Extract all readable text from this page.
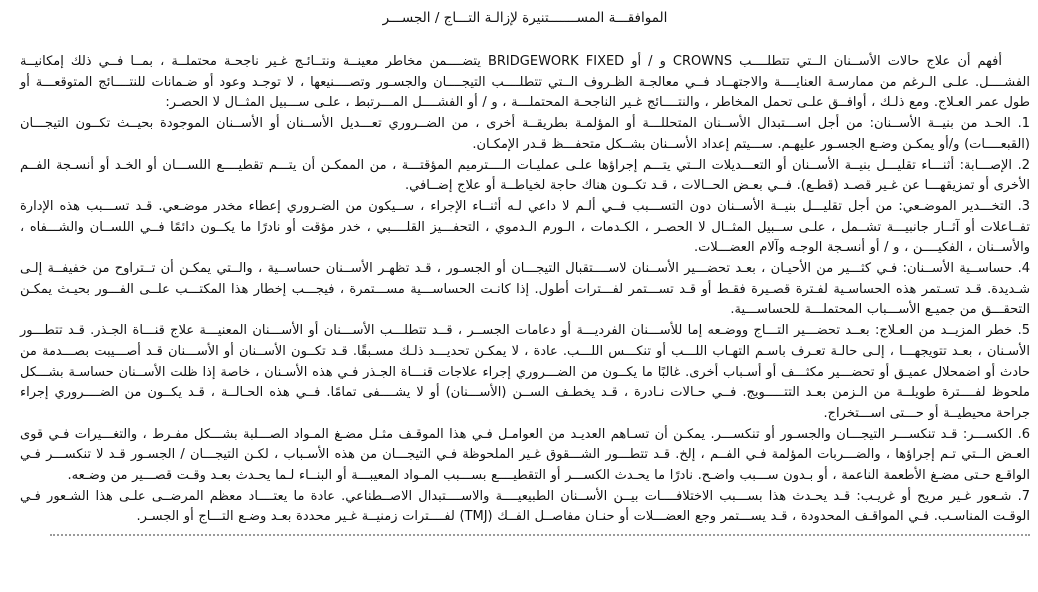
الموافقـــة المســـــــتنيرة لإزالـة التـــاج / الجســـر

أفهم أن علاج حالات الأســنان الــتي تتطلــــب CROWNS و / أو BRIDGEWORK FIXED يتضــــمن مخاطر معينــة ونتــائـج غـير ناجحـة محتملــة ، بمــا فــي ذلك إمكانيــة الفشــــل. علـى الـرغم من ممارسـة العنايــــة والاجتهــاد فــي معالجـة الظـروف الــتي تتطلــــب التيجــــان والجسـور وتصــــنيعها ، لا توجـد وعود أو ضـمانات للنتــــائج المتوقعـــة أو طول عمر العـلاج. ومع ذلـك ، أوافــق علـى تحمل المخاطر ، والنتــــائج غـير الناجحـة المحتملـــة ، و / أو الفشــــل المـــرتبط ، علـى ســـبيل المثــال لا الحصـر:

1. الحـد من بنيــة الأســنان: من أجل اســـتبدال الأســنان المتحللـــة أو المؤلمـة بطريقــة أخرى ، من الضــروري تعـــديل الأســنان أو الأســنان الموجودة بحيــث تكــون التيجـــان (القبعــــات) و/أو يمكـن وضـع الجسـور عليهـم. ســـيتم إعداد الأســنان بشــكل متحفـــظ قـدر الإمكـان.

2. الإصـــابة: أثنـــاء تقليـــل بنيــة الأســنان أو التعـــديلات الــتي يتـــم إجراؤها علـى عمليـات الــــترميم المؤقتـــة ، من الممكـن أن يتـــم تقطيــــع اللســـان أو الخـد أو أنسـجة الفــم الأخرى أو تمزيقهـــا عن غـير قصـد (قطـع). فــي بعـض الحــالات ، قـد تكــون هناك حاجة لخياطــة أو علاج إضــافي.

3. التخـــدير الموضـعي: من أجل تقليـــل بنيــة الأســنان دون التســـبب فــي ألـم لا داعي لـه أثنــاء الإجراء ، ســيكون من الضـروري إعطاء مخدر موضـعي. قـد تســـبب هذه الإدارة تفــاعلات أو آثــار جانبيـــة تشــمل ، علـى ســبيل المثــال لا الحصـر ، الكـدمات ، الـورم الـدموي ، التحفـــيز القلــــبي ، خدر مؤقت أو نادرًا ما يكــون دائمًا فــي اللســان والشـــفاه ، والأســنان ، الفكيــــن ، و / أو أنسـجة الوجـه وآلام العضـــلات.

4. حساســية الأســنان: فـي كثـــير من الأحيـان ، بعـد تحضـــير الأســنان لاســــتقبال التيجـــان أو الجسـور ، قـد تظهـر الأســنان حساســية ، والــتي يمكـن أن تــتراوح من خفيفــة إلـى شـديدة. قـد تسـتمر هذه الحساسـية لفـترة قصـيرة فقـط أو قـد تســـتمر لفـــترات أطول. إذا كانـت الحساســـية مســـتمرة ، فيجـــب إخطار هذا المكتـــب علــى الفـــور بحيـث يمكـن التحقـــق من جميـع الأســـباب المحتملـــة للحساســـية.

5. خطر المزيــد من العـلاج: بعــد تحضـــير التـــاج ووضـعه إما للأســـنان الفرديـــة أو دعامات الجســر ، قــد تتطلـــب الأســـنان أو الأســـنان المعنيـــة علاج قنـــاة الجـذر. قـد تتطـــور الأسـنان ، بعـد تتويجهـــا ، إلـى حالـة تعـرف باسـم التهـاب اللـــب أو تنكـــس اللـــب. عادة ، لا يمكـن تحديـــد ذلـك مسـبقًا. قـد تكــون الأســنان أو الأســـنان قـد أصـــيبت بصـــدمة من حادث أو اضمحلال عميـق أو تحضـــير مكثـــف أو أسـباب أخرى. غالبًا ما يكــون من الضـــروري إجراء علاجات قنـــاة الجـذر فـي هذه الأسـنان ، خاصة إذا ظلت الأســنان حساسـة بشـــكل ملحوظ لفــــترة طويلــة من الـزمن بعـد التتـــــويج. فــي حـالات نـادرة ، قـد يخطـف الســن (الأســـنان) أو لا يشــــفى تمامًا. فــي هذه الحـالــة ، قـد يكــون من الضــــروري إجراء جراحة محيطيــة أو حـــتى اســـتخراج.

6. الكســـر: قـد تنكســـر التيجـــان والجسـور أو تنكســـر. يمكـن أن تسـاهم العديـد من العوامـل فـي هذا الموقـف مثـل مضـغ المـواد الصـــلبة بشـــكل مفـرط ، والتغـــيرات فـي قوى العـض الــتي تـم إجراؤها ، والضـــربات المؤلمة فـي الفــم ، إلخ. قـد تتطـــور الشـــقوق غـير الملحوظة فـي التيجـــان من هذه الأسـباب ، لكـن التيجـــان / الجسـور قـد لا تنكســـر فـي الواقـع حـتى مضـغ الأطعمة الناعمة ، أو بـدون ســـبب واضـح. نادرًا ما يحـدث الكســـر أو التقطيــــع بســـبب المـواد المعيبـــة أو البنــاء لـما يحـدث بعـد وقـت قصـــير من وضـعه.

7. شـعور غـير مريح أو غريـب: قـد يحـدث هذا بســـبب الاختلافــــات بيــن الأســنان الطبيعيــــة والاســــتبدال الاصــطناعي. عادة ما يعتــــاد معظم المرضــى علـى هذا الشـعور فـي الوقـت المناسـب. فـي المواقـف المحدودة ، قـد يســـتمر وجع العضـــلات أو حنـان مفاصــل الفــك (TMJ) لفــــترات زمنيــة غـير محددة بعـد وضـع التـــاج أو الجسـر.
